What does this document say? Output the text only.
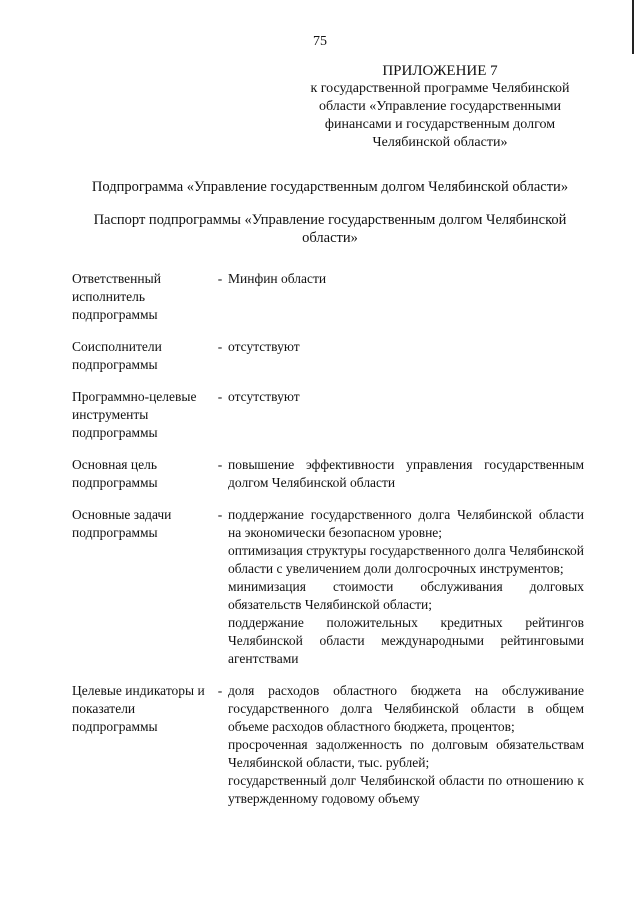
75
ПРИЛОЖЕНИЕ 7
к государственной программе Челябинской
области «Управление государственными
финансами и государственным долгом
Челябинской области»
Подпрограмма «Управление государственным долгом Челябинской области»
Паспорт подпрограммы «Управление государственным долгом Челябинской области»
Ответственный исполнитель подпрограммы
- Минфин области

Соисполнители подпрограммы
- отсутствуют

Программно-целевые инструменты подпрограммы
- отсутствуют

Основная цель подпрограммы
- повышение эффективности управления государственным долгом Челябинской области

Основные задачи подпрограммы
- поддержание государственного долга Челябинской области на экономически безопасном уровне;

оптимизация структуры государственного долга Челябинской области с увеличением доли долгосрочных инструментов;

минимизация стоимости обслуживания долговых обязательств Челябинской области;

поддержание положительных кредитных рейтингов Челябинской области международными рейтинговыми агентствами

Целевые индикаторы и показатели подпрограммы
- доля расходов областного бюджета на обслуживание государственного долга Челябинской области в общем объеме расходов областного бюджета, процентов;

просроченная задолженность по долговым обязательствам Челябинской области, тыс. рублей;

государственный долг Челябинской области по отношению к утвержденному годовому объему
